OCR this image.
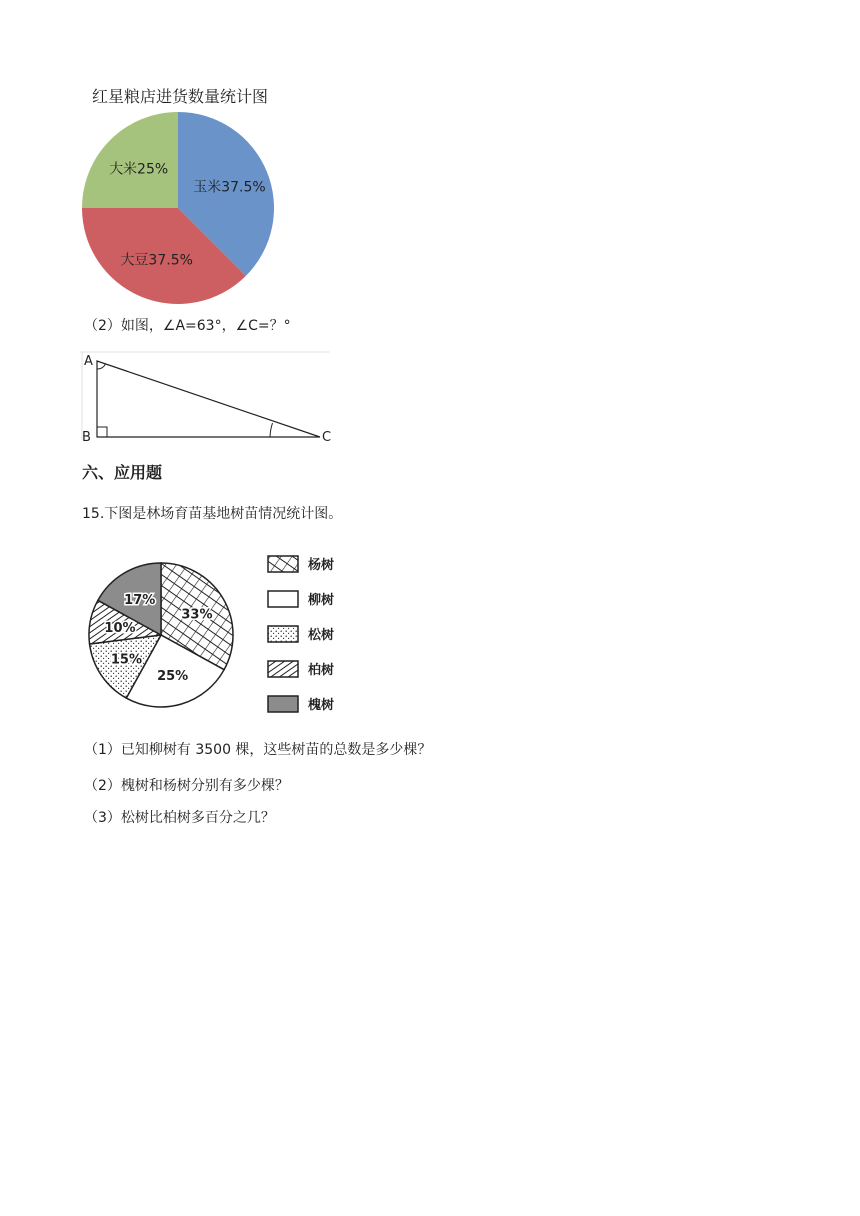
红星粮店进货数量统计图
玉米37.5%
大豆37.5%
大米25%
（2）如图，∠A=63°，∠C=？°
A
B	C
六、应用题
15.下图是林场育苗基地树苗情况统计图。
33%
25%
15%
10%
17%
杨树
柳树
松树
柏树
槐树
（1）已知柳树有 3500 棵，这些树苗的总数是多少棵？
（2）槐树和杨树分别有多少棵？
（3）松树比柏树多百分之几？
